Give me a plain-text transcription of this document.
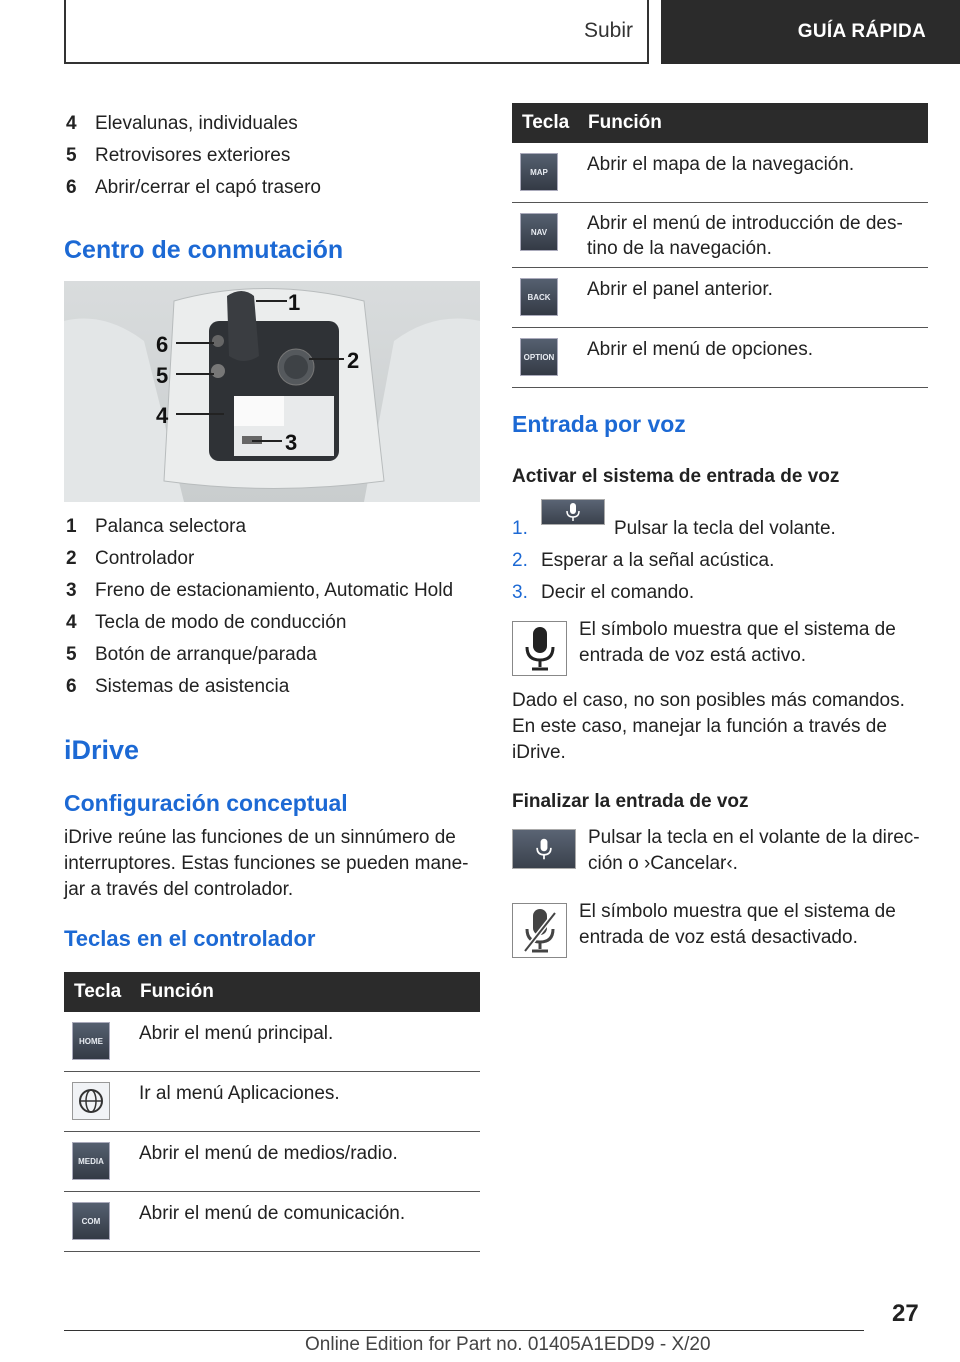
Subir	GUÍA RÁPIDA
4 Elevalunas, individuales
5 Retrovisores exteriores
6 Abrir/cerrar el capó trasero
Centro de conmutación
1
2
3
4
5
6
1 Palanca selectora
2 Controlador
3 Freno de estacionamiento, Automatic Hold
4 Tecla de modo de conducción
5 Botón de arranque/parada
6 Sistemas de asistencia
iDrive
Configuración conceptual
iDrive reúne las funciones de un sinnúmero de
interruptores. Estas funciones se pueden mane‐
jar a través del controlador.
Teclas en el controlador
Tecla Función
HOME	Abrir el menú principal.
Ir al menú Aplicaciones.
MEDIA	Abrir el menú de medios/radio.
COM	Abrir el menú de comunicación.
Tecla Función
MAP	Abrir el mapa de la navegación.
NAV	Abrir el menú de introducción de des‐
tino de la navegación.
BACK	Abrir el panel anterior.
OPTION Abrir el menú de opciones.
Entrada por voz
Activar el sistema de entrada de voz
1.	Pulsar la tecla del volante.
2. Esperar a la señal acústica.
3. Decir el comando.
El símbolo muestra que el sistema de
entrada de voz está activo.
Dado el caso, no son posibles más comandos.
En este caso, manejar la función a través de
iDrive.
Finalizar la entrada de voz
Pulsar la tecla en el volante de la direc‐
ción o ›Cancelar‹.
El símbolo muestra que el sistema de
entrada de voz está desactivado.
27
Online Edition for Part no. 01405A1EDD9 - X/20
